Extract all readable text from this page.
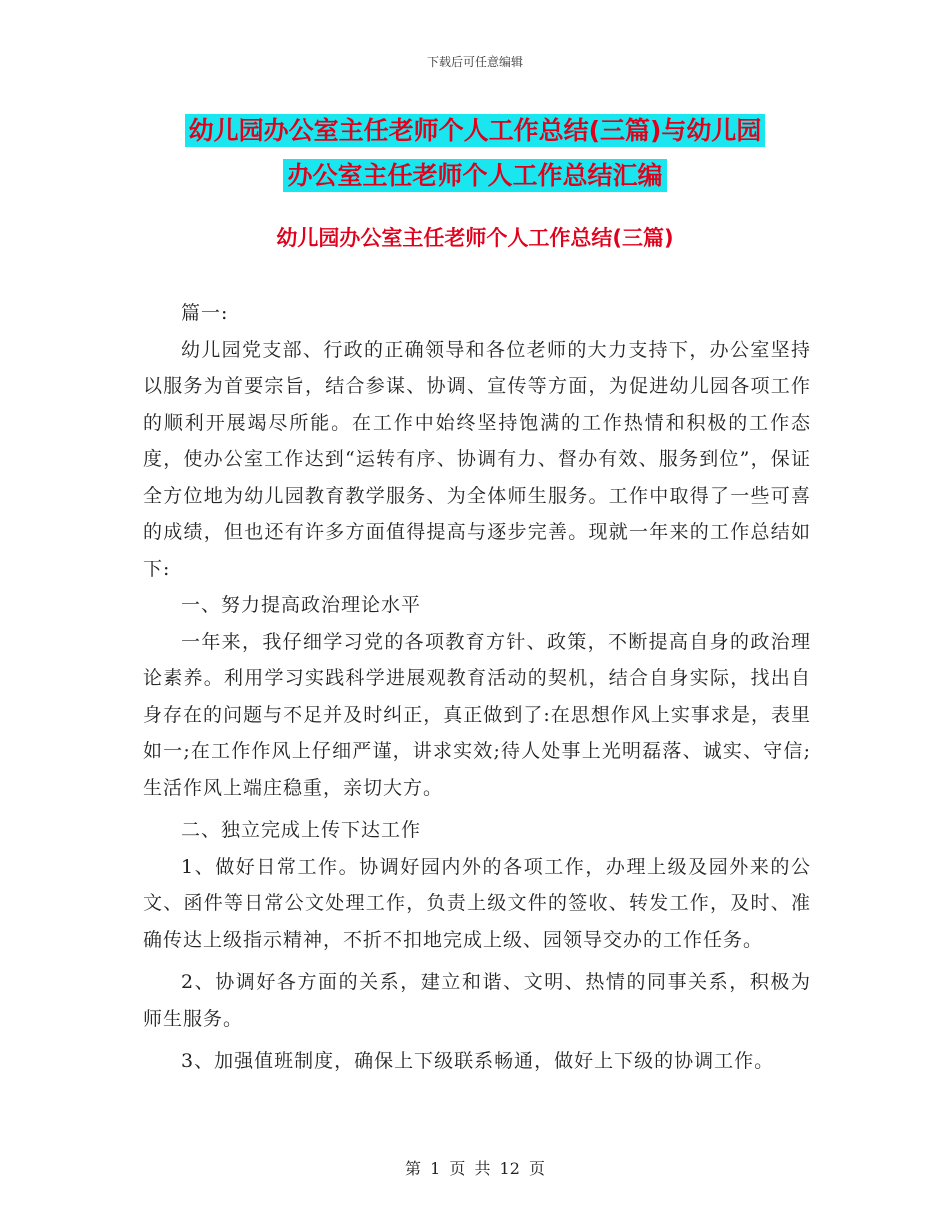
下载后可任意编辑
幼儿园办公室主任老师个人工作总结(三篇)与幼儿园
办公室主任老师个人工作总结汇编
幼儿园办公室主任老师个人工作总结(三篇)

篇一:

幼儿园党支部、行政的正确领导和各位老师的大力支持下，办公室坚持以服务为首要宗旨，结合参谋、协调、宣传等方面，为促进幼儿园各项工作的顺利开展竭尽所能。在工作中始终坚持饱满的工作热情和积极的工作态度，使办公室工作达到“运转有序、协调有力、督办有效、服务到位”，保证全方位地为幼儿园教育教学服务、为全体师生服务。工作中取得了一些可喜的成绩，但也还有许多方面值得提高与逐步完善。现就一年来的工作总结如下:

一、努力提高政治理论水平

一年来，我仔细学习党的各项教育方针、政策，不断提高自身的政治理论素养。利用学习实践科学进展观教育活动的契机，结合自身实际，找出自身存在的问题与不足并及时纠正，真正做到了:在思想作风上实事求是，表里如一;在工作作风上仔细严谨，讲求实效;待人处事上光明磊落、诚实、守信;生活作风上端庄稳重，亲切大方。

二、独立完成上传下达工作

1、做好日常工作。协调好园内外的各项工作，办理上级及园外来的公文、函件等日常公文处理工作，负责上级文件的签收、转发工作，及时、准确传达上级指示精神，不折不扣地完成上级、园领导交办的工作任务。

2、协调好各方面的关系，建立和谐、文明、热情的同事关系，积极为师生服务。

3、加强值班制度，确保上下级联系畅通，做好上下级的协调工作。

第 1 页 共 12 页
